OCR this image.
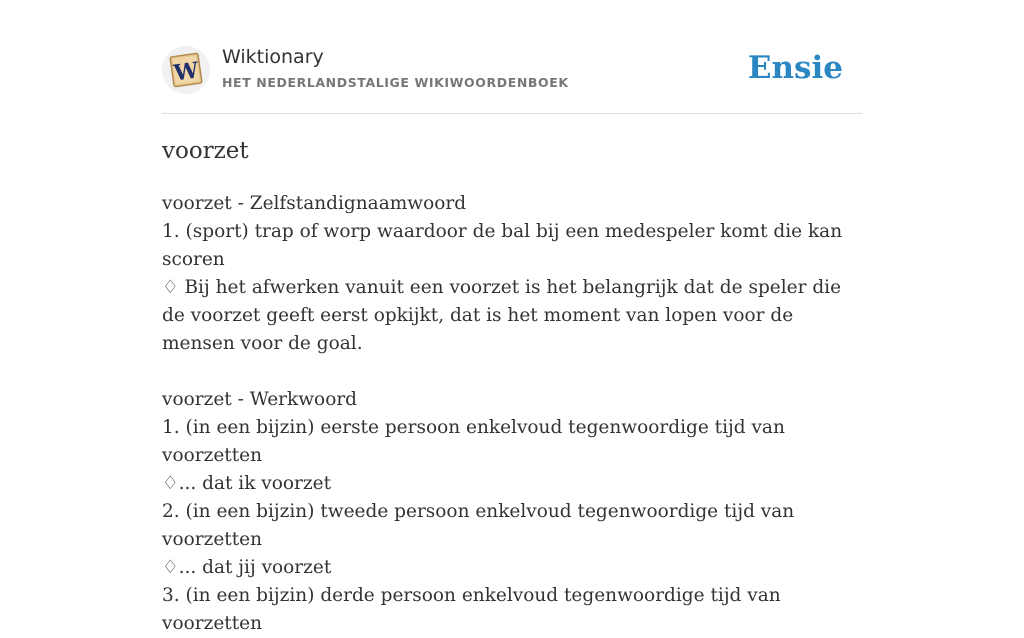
W
Wiktionary
HET NEDERLANDSTALIGE WIKIWOORDENBOEK	Ensie
voorzet

voorzet - Zelfstandignaamwoord

1. (sport) trap of worp waardoor de bal bij een medespeler komt die kan scoren

♢ Bij het afwerken vanuit een voorzet is het belangrijk dat de speler die de voorzet geeft eerst opkijkt, dat is het moment van lopen voor de mensen voor de goal.

voorzet - Werkwoord

1. (in een bijzin) eerste persoon enkelvoud tegenwoordige tijd van voorzetten

♢... dat ik voorzet

2. (in een bijzin) tweede persoon enkelvoud tegenwoordige tijd van voorzetten

♢... dat jij voorzet

3. (in een bijzin) derde persoon enkelvoud tegenwoordige tijd van voorzetten
